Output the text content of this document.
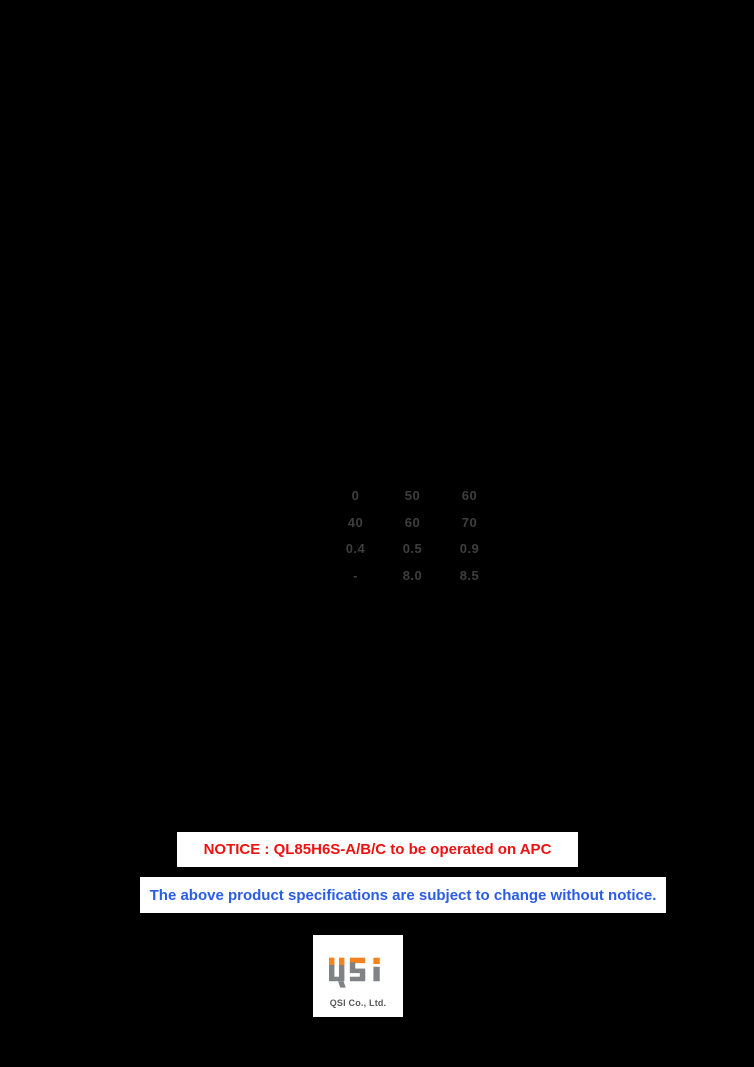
0	50	60
40	60	70
0.4	0.5	0.9
-	8.0	8.5
NOTICE : QL85H6S-A/B/C to be operated on APC
The above product specifications are subject to change without notice.
QSI Co., Ltd.
